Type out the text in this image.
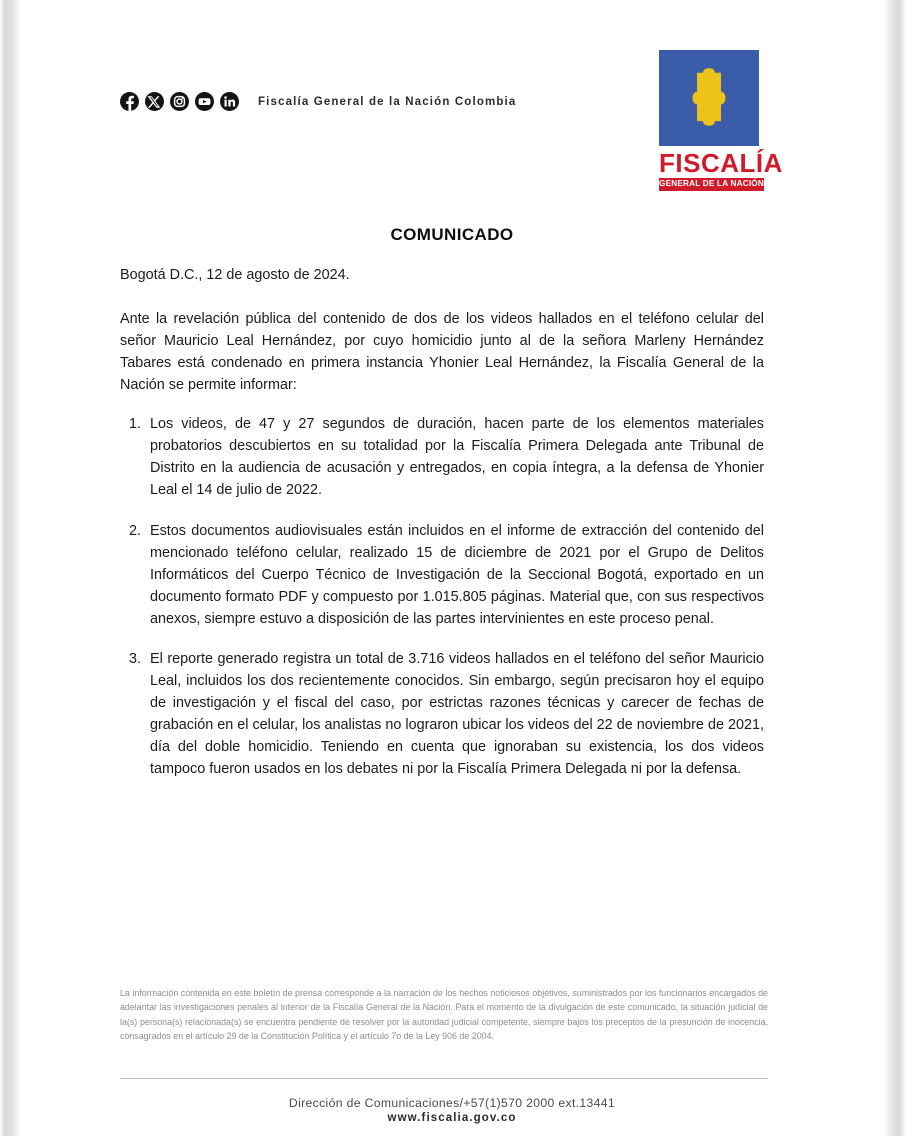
Fiscalía General de la Nación Colombia
FISCALÍA
GENERAL DE LA NACIÓN
COMUNICADO

Bogotá D.C., 12 de agosto de 2024.

Ante la revelación pública del contenido de dos de los videos hallados en el teléfono celular del señor Mauricio Leal Hernández, por cuyo homicidio junto al de la señora Marleny Hernández Tabares está condenado en primera instancia Yhonier Leal Hernández, la Fiscalía General de la Nación se permite informar:

1. Los videos, de 47 y 27 segundos de duración, hacen parte de los elementos materiales probatorios descubiertos en su totalidad por la Fiscalía Primera Delegada ante Tribunal de Distrito en la audiencia de acusación y entregados, en copia íntegra, a la defensa de Yhonier Leal el 14 de julio de 2022.
2. Estos documentos audiovisuales están incluidos en el informe de extracción del contenido del mencionado teléfono celular, realizado 15 de diciembre de 2021 por el Grupo de Delitos Informáticos del Cuerpo Técnico de Investigación de la Seccional Bogotá, exportado en un documento formato PDF y compuesto por 1.015.805 páginas. Material que, con sus respectivos anexos, siempre estuvo a disposición de las partes intervinientes en este proceso penal.
3. El reporte generado registra un total de 3.716 videos hallados en el teléfono del señor Mauricio Leal, incluidos los dos recientemente conocidos. Sin embargo, según precisaron hoy el equipo de investigación y el fiscal del caso, por estrictas razones técnicas y carecer de fechas de grabación en el celular, los analistas no lograron ubicar los videos del 22 de noviembre de 2021, día del doble homicidio. Teniendo en cuenta que ignoraban su existencia, los dos videos tampoco fueron usados en los debates ni por la Fiscalía Primera Delegada ni por la defensa.
La información contenida en este boletín de prensa corresponde a la narración de los hechos noticiosos objetivos, suministrados por los funcionarios encargados de adelantar las investigaciones penales al interior de la Fiscalía General de la Nación. Para el momento de la divulgación de este comunicado, la situación judicial de la(s) persona(s) relacionada(s) se encuentra pendiente de resolver por la autoridad judicial competente, siempre bajos los preceptos de la presunción de inocencia, consagrados en el artículo 29 de la Constitución Política y el artículo 7o de la Ley 906 de 2004.
Dirección de Comunicaciones/+57(1)570 2000 ext.13441
www.fiscalia.gov.co
